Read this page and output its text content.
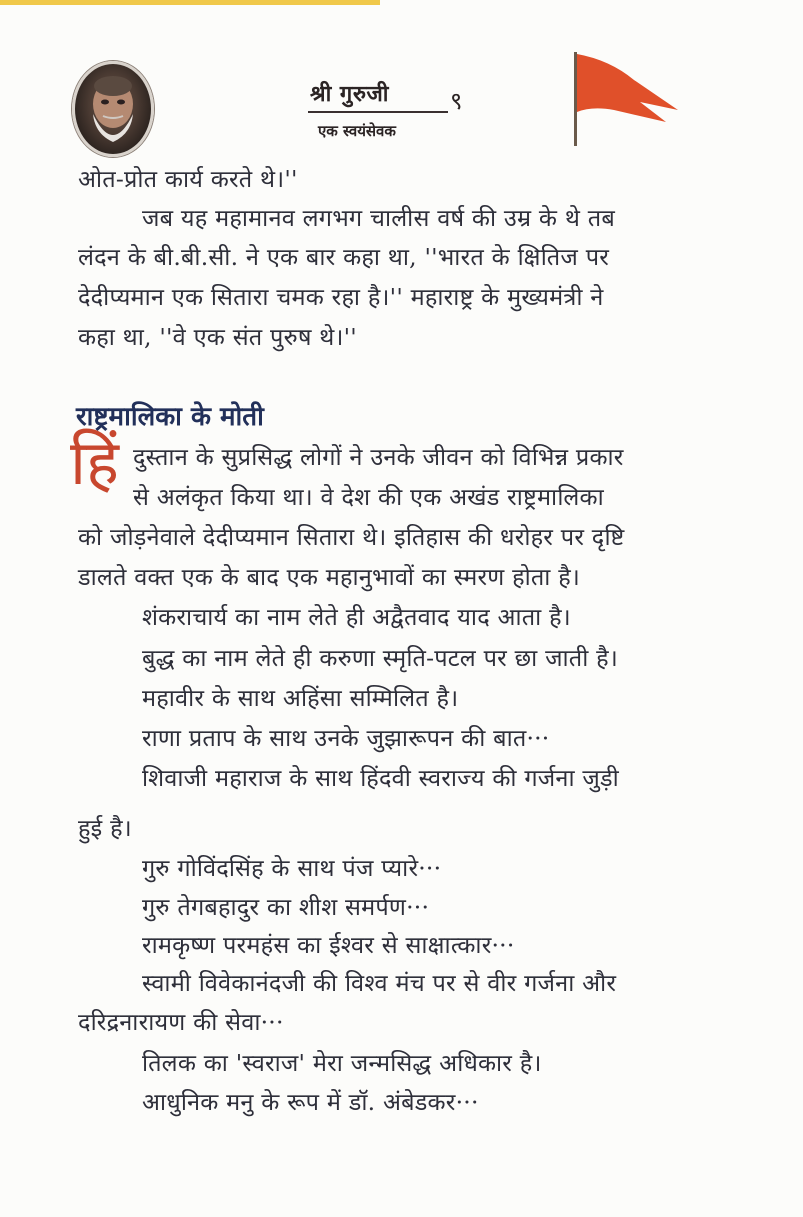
श्री गुरुजी
एक स्वयंसेवक
९
ओत-प्रोत कार्य करते थे।''
जब यह महामानव लगभग चालीस वर्ष की उम्र के थे तब
लंदन के बी.बी.सी. ने एक बार कहा था, ''भारत के क्षितिज पर
देदीप्यमान एक सितारा चमक रहा है।'' महाराष्ट्र के मुख्यमंत्री ने
कहा था, ''वे एक संत पुरुष थे।''
राष्ट्रमालिका के मोती
हिं दुस्तान के सुप्रसिद्ध लोगों ने उनके जीवन को विभिन्न प्रकार
से अलंकृत किया था। वे देश की एक अखंड राष्ट्रमालिका
को जोड़नेवाले देदीप्यमान सितारा थे। इतिहास की धरोहर पर दृष्टि
डालते वक्त एक के बाद एक महानुभावों का स्मरण होता है।
शंकराचार्य का नाम लेते ही अद्वैतवाद याद आता है।
बुद्ध का नाम लेते ही करुणा स्मृति-पटल पर छा जाती है।
महावीर के साथ अहिंसा सम्मिलित है।
राणा प्रताप के साथ उनके जुझारूपन की बात···
शिवाजी महाराज के साथ हिंदवी स्वराज्य की गर्जना जुड़ी
हुई है।
गुरु गोविंदसिंह के साथ पंज प्यारे···
गुरु तेगबहादुर का शीश समर्पण···
रामकृष्ण परमहंस का ईश्वर से साक्षात्कार···
स्वामी विवेकानंदजी की विश्व मंच पर से वीर गर्जना और
दरिद्रनारायण की सेवा···
तिलक का 'स्वराज' मेरा जन्मसिद्ध अधिकार है।
आधुनिक मनु के रूप में डॉ. अंबेडकर···
